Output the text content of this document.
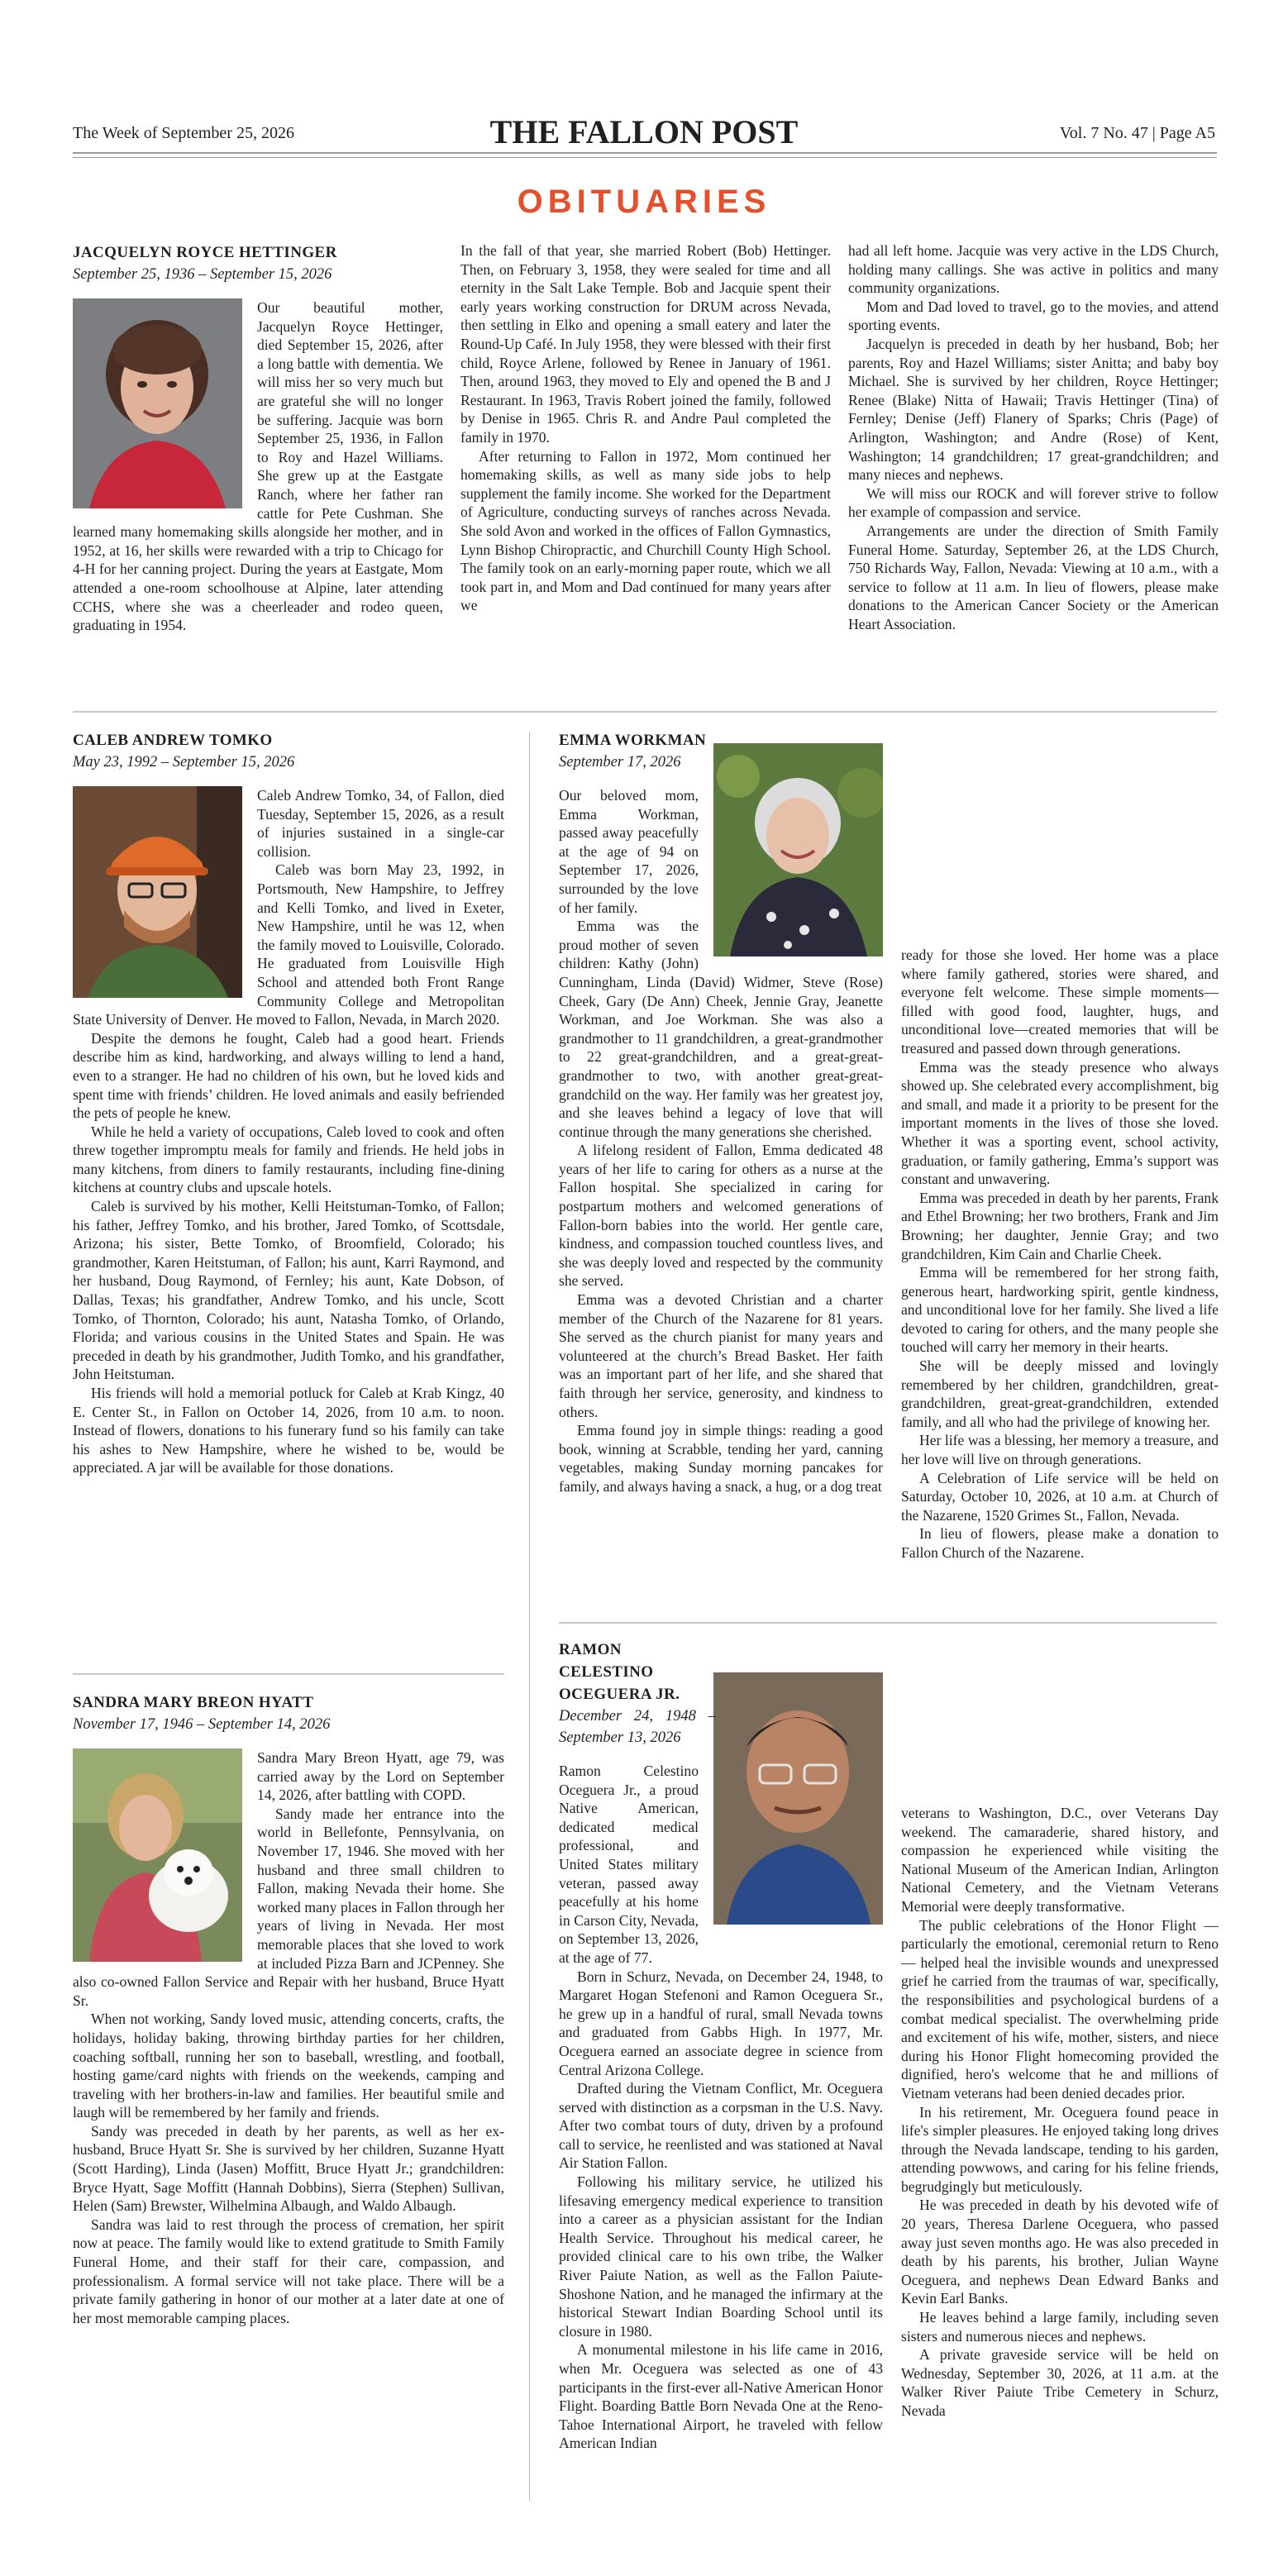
The Week of September 25, 2026	THE FALLON POST	Vol. 7 No. 47 | Page A5
OBITUARIES
JACQUELYN ROYCE HETTINGER
September 25, 1936 – September 15, 2026

Our beautiful mother, Jacquelyn Royce Hettinger, died September 15, 2026, after a long battle with dementia. We will miss her so very much but are grateful she will no longer be suffering. Jacquie was born September 25, 1936, in Fallon to Roy and Hazel Williams. She grew up at the Eastgate Ranch, where her father ran cattle for Pete Cushman. She learned many homemaking skills alongside her mother, and in 1952, at 16, her skills were rewarded with a trip to Chicago for 4-H for her canning project. During the years at Eastgate, Mom attended a one-room schoolhouse at Alpine, later attending CCHS, where she was a cheerleader and rodeo queen, graduating in 1954.

In the fall of that year, she married Robert (Bob) Hettinger. Then, on February 3, 1958, they were sealed for time and all eternity in the Salt Lake Temple. Bob and Jacquie spent their early years working construction for DRUM across Nevada, then settling in Elko and opening a small eatery and later the Round-Up Café. In July 1958, they were blessed with their first child, Royce Arlene, followed by Renee in January of 1961. Then, around 1963, they moved to Ely and opened the B and J Restaurant. In 1963, Travis Robert joined the family, followed by Denise in 1965. Chris R. and Andre Paul completed the family in 1970.

After returning to Fallon in 1972, Mom continued her homemaking skills, as well as many side jobs to help supplement the family income. She worked for the Department of Agriculture, conducting surveys of ranches across Nevada. She sold Avon and worked in the offices of Fallon Gymnastics, Lynn Bishop Chiropractic, and Churchill County High School. The family took on an early-morning paper route, which we all took part in, and Mom and Dad continued for many years after we

had all left home. Jacquie was very active in the LDS Church, holding many callings. She was active in politics and many community organizations.

Mom and Dad loved to travel, go to the movies, and attend sporting events.

Jacquelyn is preceded in death by her husband, Bob; her parents, Roy and Hazel Williams; sister Anitta; and baby boy Michael. She is survived by her children, Royce Hettinger; Renee (Blake) Nitta of Hawaii; Travis Hettinger (Tina) of Fernley; Denise (Jeff) Flanery of Sparks; Chris (Page) of Arlington, Washington; and Andre (Rose) of Kent, Washington; 14 grandchildren; 17 great-grandchildren; and many nieces and nephews.

We will miss our ROCK and will forever strive to follow her example of compassion and service.

Arrangements are under the direction of Smith Family Funeral Home. Saturday, September 26, at the LDS Church, 750 Richards Way, Fallon, Nevada: Viewing at 10 a.m., with a service to follow at 11 a.m. In lieu of flowers, please make donations to the American Cancer Society or the American Heart Association.

CALEB ANDREW TOMKO
May 23, 1992 – September 15, 2026

Caleb Andrew Tomko, 34, of Fallon, died Tuesday, September 15, 2026, as a result of injuries sustained in a single-car collision.

Caleb was born May 23, 1992, in Portsmouth, New Hampshire, to Jeffrey and Kelli Tomko, and lived in Exeter, New Hampshire, until he was 12, when the family moved to Louisville, Colorado. He graduated from Louisville High School and attended both Front Range Community College and Metropolitan State University of Denver. He moved to Fallon, Nevada, in March 2020.

Despite the demons he fought, Caleb had a good heart. Friends describe him as kind, hardworking, and always willing to lend a hand, even to a stranger. He had no children of his own, but he loved kids and spent time with friends’ children. He loved animals and easily befriended the pets of people he knew.

While he held a variety of occupations, Caleb loved to cook and often threw together impromptu meals for family and friends. He held jobs in many kitchens, from diners to family restaurants, including fine-dining kitchens at country clubs and upscale hotels.

Caleb is survived by his mother, Kelli Heitstuman-Tomko, of Fallon; his father, Jeffrey Tomko, and his brother, Jared Tomko, of Scottsdale, Arizona; his sister, Bette Tomko, of Broomfield, Colorado; his grandmother, Karen Heitstuman, of Fallon; his aunt, Karri Raymond, and her husband, Doug Raymond, of Fernley; his aunt, Kate Dobson, of Dallas, Texas; his grandfather, Andrew Tomko, and his uncle, Scott Tomko, of Thornton, Colorado; his aunt, Natasha Tomko, of Orlando, Florida; and various cousins in the United States and Spain. He was preceded in death by his grandmother, Judith Tomko, and his grandfather, John Heitstuman.

His friends will hold a memorial potluck for Caleb at Krab Kingz, 40 E. Center St., in Fallon on October 14, 2026, from 10 a.m. to noon. Instead of flowers, donations to his funerary fund so his family can take his ashes to New Hampshire, where he wished to be, would be appreciated. A jar will be available for those donations.

SANDRA MARY BREON HYATT
November 17, 1946 – September 14, 2026

Sandra Mary Breon Hyatt, age 79, was carried away by the Lord on September 14, 2026, after battling with COPD.

Sandy made her entrance into the world in Bellefonte, Pennsylvania, on November 17, 1946. She moved with her husband and three small children to Fallon, making Nevada their home. She worked many places in Fallon through her years of living in Nevada. Her most memorable places that she loved to work at included Pizza Barn and JCPenney. She also co-owned Fallon Service and Repair with her husband, Bruce Hyatt Sr.

When not working, Sandy loved music, attending concerts, crafts, the holidays, holiday baking, throwing birthday parties for her children, coaching softball, running her son to baseball, wrestling, and football, hosting game/card nights with friends on the weekends, camping and traveling with her brothers-in-law and families. Her beautiful smile and laugh will be remembered by her family and friends.

Sandy was preceded in death by her parents, as well as her ex-husband, Bruce Hyatt Sr. She is survived by her children, Suzanne Hyatt (Scott Harding), Linda (Jasen) Moffitt, Bruce Hyatt Jr.; grandchildren: Bryce Hyatt, Sage Moffitt (Hannah Dobbins), Sierra (Stephen) Sullivan, Helen (Sam) Brewster, Wilhelmina Albaugh, and Waldo Albaugh.

Sandra was laid to rest through the process of cremation, her spirit now at peace. The family would like to extend gratitude to Smith Family Funeral Home, and their staff for their care, compassion, and professionalism. A formal service will not take place. There will be a private family gathering in honor of our mother at a later date at one of her most memorable camping places.

EMMA WORKMAN
September 17, 2026

Our beloved mom, Emma Workman, passed away peacefully at the age of 94 on September 17, 2026, surrounded by the love of her family.

Emma was the proud mother of seven children: Kathy (John) Cunningham, Linda (David) Widmer, Steve (Rose) Cheek, Gary (De Ann) Cheek, Jennie Gray, Jeanette Workman, and Joe Workman. She was also a grandmother to 11 grandchildren, a great-grandmother to 22 great-grandchildren, and a great-great-grandmother to two, with another great-great-grandchild on the way. Her family was her greatest joy, and she leaves behind a legacy of love that will continue through the many generations she cherished.

A lifelong resident of Fallon, Emma dedicated 48 years of her life to caring for others as a nurse at the Fallon hospital. She specialized in caring for postpartum mothers and welcomed generations of Fallon-born babies into the world. Her gentle care, kindness, and compassion touched countless lives, and she was deeply loved and respected by the community she served.

Emma was a devoted Christian and a charter member of the Church of the Nazarene for 81 years. She served as the church pianist for many years and volunteered at the church’s Bread Basket. Her faith was an important part of her life, and she shared that faith through her service, generosity, and kindness to others.

Emma found joy in simple things: reading a good book, winning at Scrabble, tending her yard, canning vegetables, making Sunday morning pancakes for family, and always having a snack, a hug, or a dog treat

ready for those she loved. Her home was a place where family gathered, stories were shared, and everyone felt welcome. These simple moments—filled with good food, laughter, hugs, and unconditional love—created memories that will be treasured and passed down through generations.

Emma was the steady presence who always showed up. She celebrated every accomplishment, big and small, and made it a priority to be present for the important moments in the lives of those she loved. Whether it was a sporting event, school activity, graduation, or family gathering, Emma’s support was constant and unwavering.

Emma was preceded in death by her parents, Frank and Ethel Browning; her two brothers, Frank and Jim Browning; her daughter, Jennie Gray; and two grandchildren, Kim Cain and Charlie Cheek.

Emma will be remembered for her strong faith, generous heart, hardworking spirit, gentle kindness, and unconditional love for her family. She lived a life devoted to caring for others, and the many people she touched will carry her memory in their hearts.

She will be deeply missed and lovingly remembered by her children, grandchildren, great-grandchildren, great-great-grandchildren, extended family, and all who had the privilege of knowing her.

Her life was a blessing, her memory a treasure, and her love will live on through generations.

A Celebration of Life service will be held on Saturday, October 10, 2026, at 10 a.m. at Church of the Nazarene, 1520 Grimes St., Fallon, Nevada.

In lieu of flowers, please make a donation to Fallon Church of the Nazarene.

RAMON CELESTINO OCEGUERA JR.
December 24, 1948 – September 13, 2026

Ramon Celestino Oceguera Jr., a proud Native American, dedicated medical professional, and United States military veteran, passed away peacefully at his home in Carson City, Nevada, on September 13, 2026, at the age of 77.

Born in Schurz, Nevada, on December 24, 1948, to Margaret Hogan Stefenoni and Ramon Oceguera Sr., he grew up in a handful of rural, small Nevada towns and graduated from Gabbs High. In 1977, Mr. Oceguera earned an associate degree in science from Central Arizona College.

Drafted during the Vietnam Conflict, Mr. Oceguera served with distinction as a corpsman in the U.S. Navy. After two combat tours of duty, driven by a profound call to service, he reenlisted and was stationed at Naval Air Station Fallon.

Following his military service, he utilized his lifesaving emergency medical experience to transition into a career as a physician assistant for the Indian Health Service. Throughout his medical career, he provided clinical care to his own tribe, the Walker River Paiute Nation, as well as the Fallon Paiute-Shoshone Nation, and he managed the infirmary at the historical Stewart Indian Boarding School until its closure in 1980.

A monumental milestone in his life came in 2016, when Mr. Oceguera was selected as one of 43 participants in the first-ever all-Native American Honor Flight. Boarding Battle Born Nevada One at the Reno-Tahoe International Airport, he traveled with fellow American Indian

veterans to Washington, D.C., over Veterans Day weekend. The camaraderie, shared history, and compassion he experienced while visiting the National Museum of the American Indian, Arlington National Cemetery, and the Vietnam Veterans Memorial were deeply transformative.

The public celebrations of the Honor Flight — particularly the emotional, ceremonial return to Reno — helped heal the invisible wounds and unexpressed grief he carried from the traumas of war, specifically, the responsibilities and psychological burdens of a combat medical specialist. The overwhelming pride and excitement of his wife, mother, sisters, and niece during his Honor Flight homecoming provided the dignified, hero's welcome that he and millions of Vietnam veterans had been denied decades prior.

In his retirement, Mr. Oceguera found peace in life's simpler pleasures. He enjoyed taking long drives through the Nevada landscape, tending to his garden, attending powwows, and caring for his feline friends, begrudgingly but meticulously.

He was preceded in death by his devoted wife of 20 years, Theresa Darlene Oceguera, who passed away just seven months ago. He was also preceded in death by his parents, his brother, Julian Wayne Oceguera, and nephews Dean Edward Banks and Kevin Earl Banks.

He leaves behind a large family, including seven sisters and numerous nieces and nephews.

A private graveside service will be held on Wednesday, September 30, 2026, at 11 a.m. at the Walker River Paiute Tribe Cemetery in Schurz, Nevada
